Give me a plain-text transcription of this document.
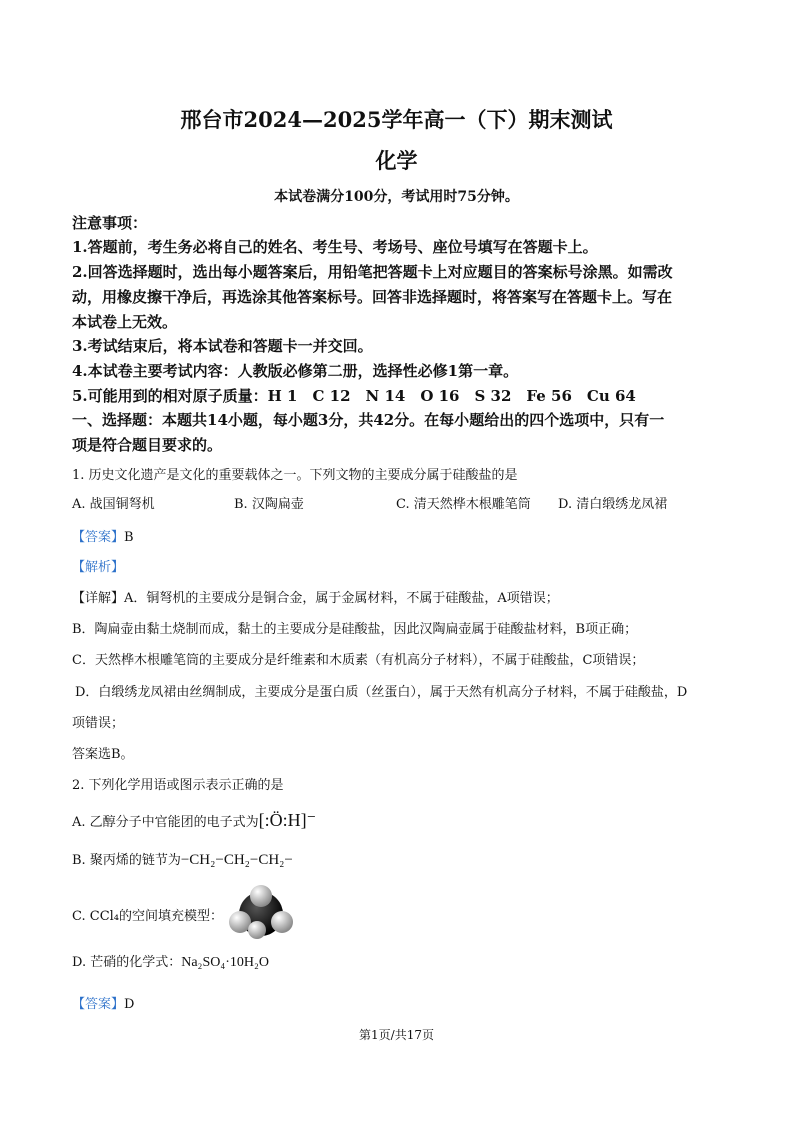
邢台市2024—2025学年高一（下）期末测试
化学
本试卷满分100分，考试用时75分钟。
注意事项：
1.答题前，考生务必将自己的姓名、考生号、考场号、座位号填写在答题卡上。
2.回答选择题时，选出每小题答案后，用铅笔把答题卡上对应题目的答案标号涂黑。如需改
动，用橡皮擦干净后，再选涂其他答案标号。回答非选择题时，将答案写在答题卡上。写在
本试卷上无效。
3.考试结束后，将本试卷和答题卡一并交回。
4.本试卷主要考试内容：人教版必修第二册，选择性必修1第一章。
5.可能用到的相对原子质量：H 1　C 12　N 14　O 16　S 32　Fe 56　Cu 64
一、选择题：本题共14小题，每小题3分，共42分。在每小题给出的四个选项中，只有一
项是符合题目要求的。
1. 历史文化遗产是文化的重要载体之一。下列文物的主要成分属于硅酸盐的是
A. 战国铜弩机	B. 汉陶扁壶	C. 清天然桦木根雕笔筒 D. 清白缎绣龙凤裙
【答案】B
【解析】
【详解】A．铜弩机的主要成分是铜合金，属于金属材料，不属于硅酸盐，A项错误；
B．陶扁壶由黏土烧制而成，黏土的主要成分是硅酸盐，因此汉陶扁壶属于硅酸盐材料，B项正确；
C．天然桦木根雕笔筒的主要成分是纤维素和木质素（有机高分子材料），不属于硅酸盐，C项错误；
D．白缎绣龙凤裙由丝绸制成，主要成分是蛋白质（丝蛋白），属于天然有机高分子材料，不属于硅酸盐，D
项错误；
答案选B。
2. 下列化学用语或图示表示正确的是
A. 乙醇分子中官能团的电子式为[:Ö:H]⁻
B. 聚丙烯的链节为−CH₂−CH₂−CH₂−
C. CCl₄的空间填充模型：
D. 芒硝的化学式：Na₂SO₄·10H₂O
【答案】D
第1页/共17页
